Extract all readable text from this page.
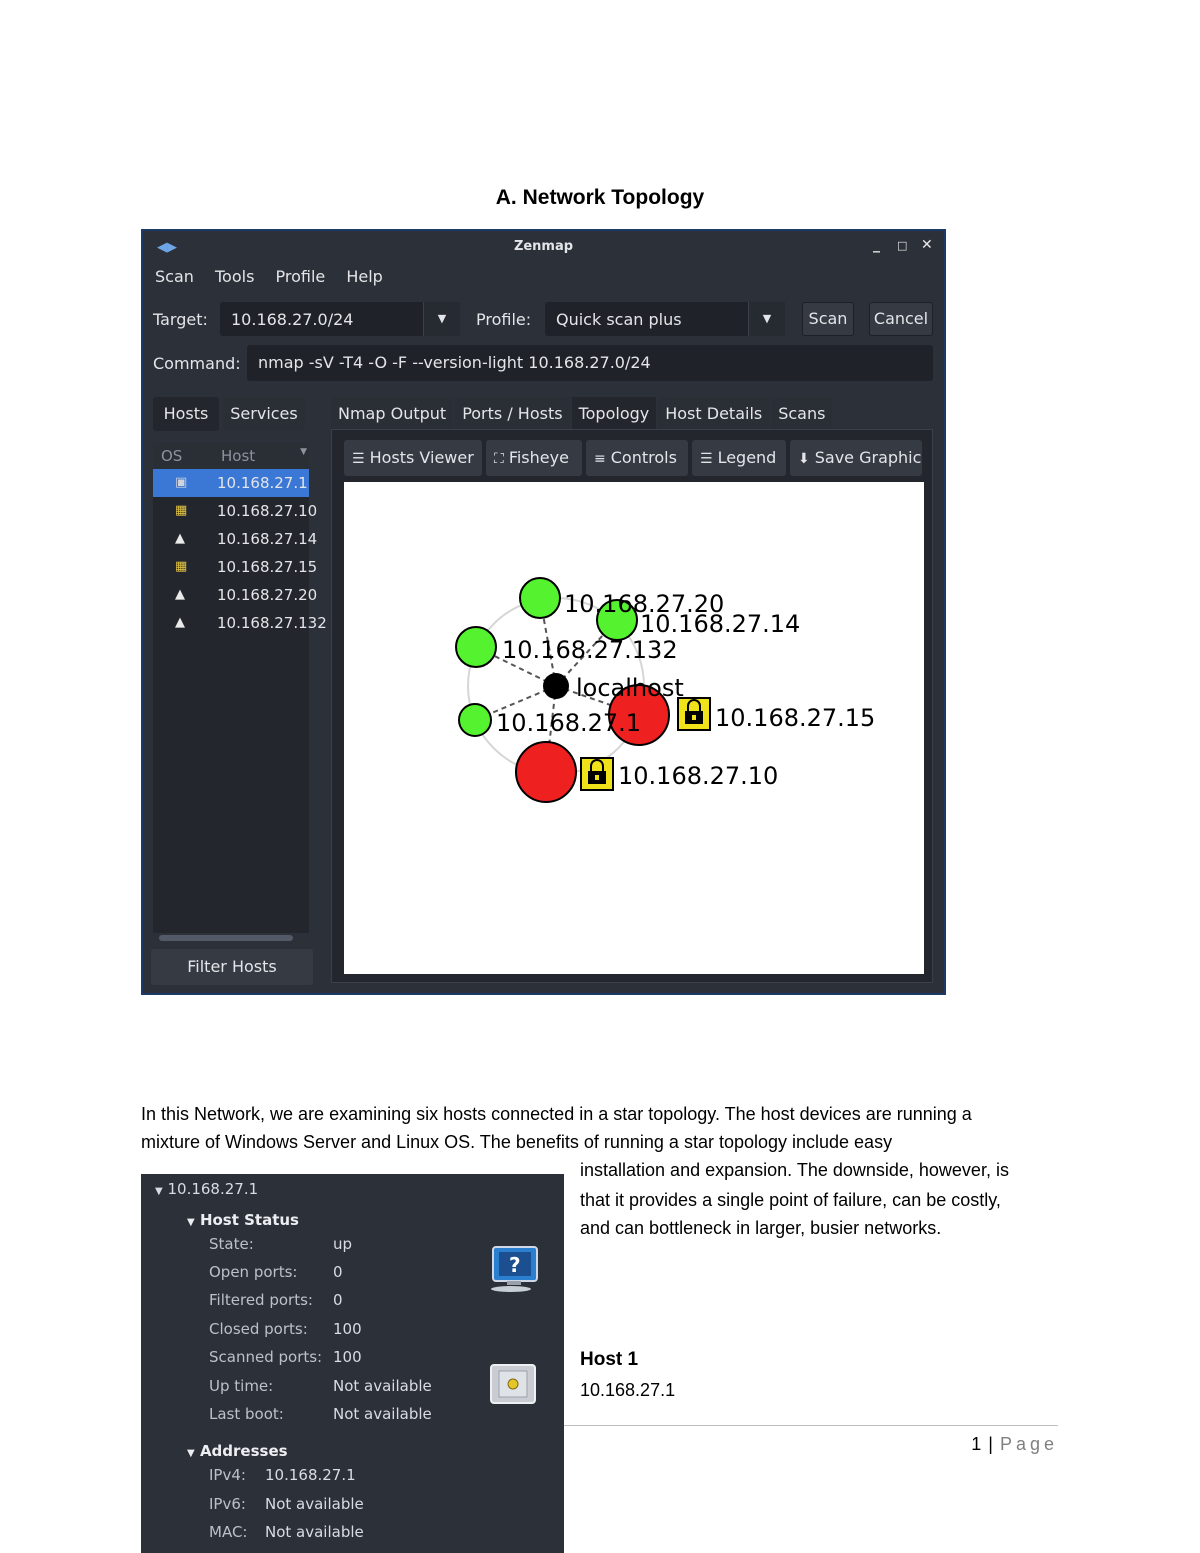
A. Network Topology
◀▶	Zenmap	_ □ ✕
Scan Tools Profile Help
Target: 10.168.27.0/24	▼	Profile: Quick scan plus	▼	Scan	Cancel
Command:	nmap -sV -T4 -O -F --version-light 10.168.27.0/24
Hosts	Services
OS	Host	▼
▣ 10.168.27.1
▦ 10.168.27.10
▲ 10.168.27.14
▦ 10.168.27.15
▲ 10.168.27.20
▲ 10.168.27.132
Filter Hosts
Nmap Output Ports / Hosts Topology Host Details Scans
☰ Hosts Viewer	⛶ Fisheye	≡ Controls	☰ Legend	⬇ Save Graphic
10.168.27.20
10.168.27.14
10.168.27.132
localhost
10.168.27.1	10.168.27.15
10.168.27.10
In this Network, we are examining six hosts connected in a star topology. The host devices are running a
mixture of Windows Server and Linux OS. The benefits of running a star topology include easy
installation and expansion. The downside, however, is
that it provides a single point of failure, can be costly,
and can bottleneck in larger, busier networks.
▼ 10.168.27.1
▼ Host Status
State:	up
Open ports: 0
Filtered ports: 0
Closed ports: 100
Scanned ports: 100
Up time:	Not available
Last boot:	Not available
▼ Addresses
IPv4: 10.168.27.1
IPv6: Not available
MAC: Not available
?
Host 1
10.168.27.1
1 | Page
